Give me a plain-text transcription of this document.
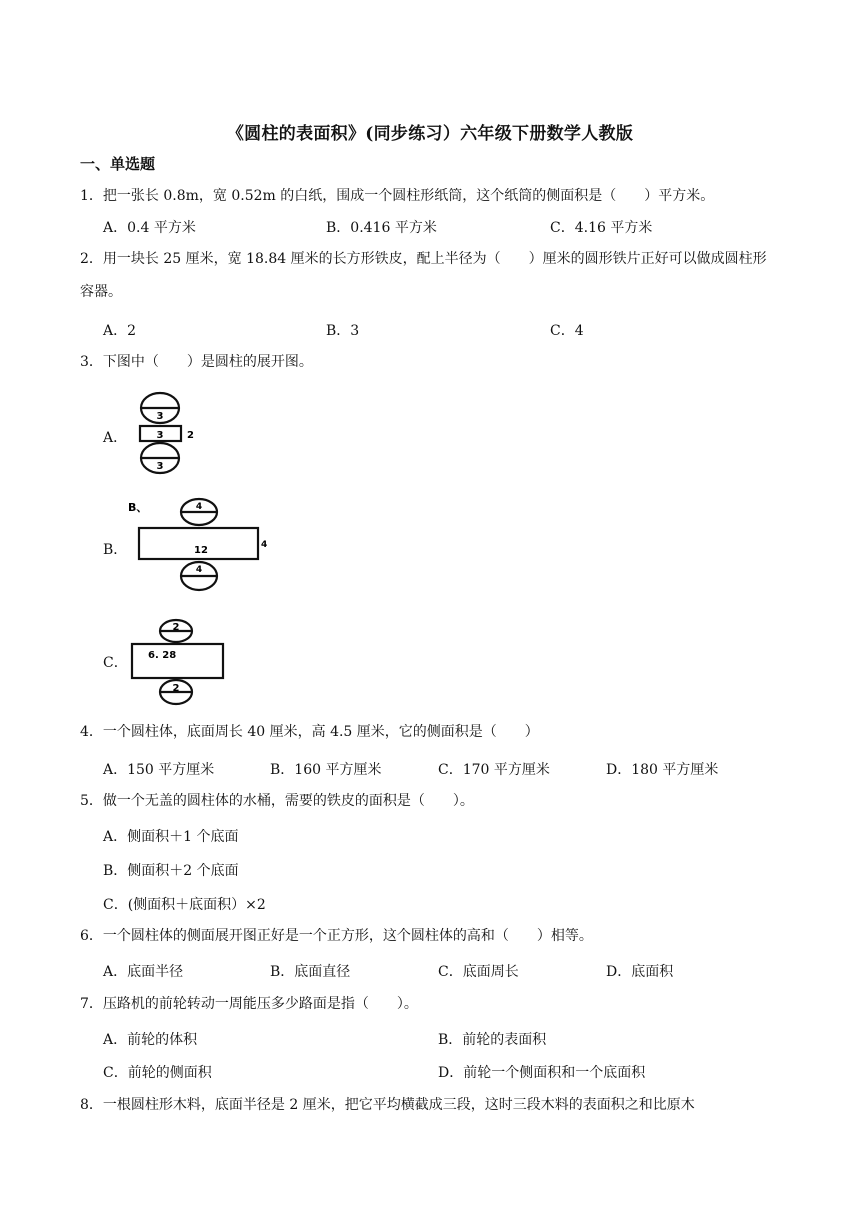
《圆柱的表面积》(同步练习）六年级下册数学人教版
一、单选题
1．把一张长 0.8m，宽 0.52m 的白纸，围成一个圆柱形纸筒，这个纸筒的侧面积是（　　）平方米。
A．0.4 平方米	B．0.416 平方米	C．4.16 平方米
2．用一块长 25 厘米，宽 18.84 厘米的长方形铁皮，配上半径为（　　）厘米的圆形铁片正好可以做成圆柱形容器。
A．2	B．3	C．4
3．下图中（　　）是圆柱的展开图。
A．
3
3 2
3
B．
B、	4
12	4
4
C．
2
6. 28
2
4．一个圆柱体，底面周长 40 厘米，高 4.5 厘米，它的侧面积是（　　）
A．150 平方厘米	B．160 平方厘米	C．170 平方厘米	D．180 平方厘米
5．做一个无盖的圆柱体的水桶，需要的铁皮的面积是（　　）。
A．侧面积＋1 个底面
B．侧面积＋2 个底面
C．(侧面积＋底面积）×2
6．一个圆柱体的侧面展开图正好是一个正方形，这个圆柱体的高和（　　）相等。
A．底面半径	B．底面直径	C．底面周长	D．底面积
7．压路机的前轮转动一周能压多少路面是指（　　）。
A．前轮的体积	B．前轮的表面积
C．前轮的侧面积	D．前轮一个侧面积和一个底面积
8．一根圆柱形木料，底面半径是 2 厘米，把它平均横截成三段，这时三段木料的表面积之和比原木
